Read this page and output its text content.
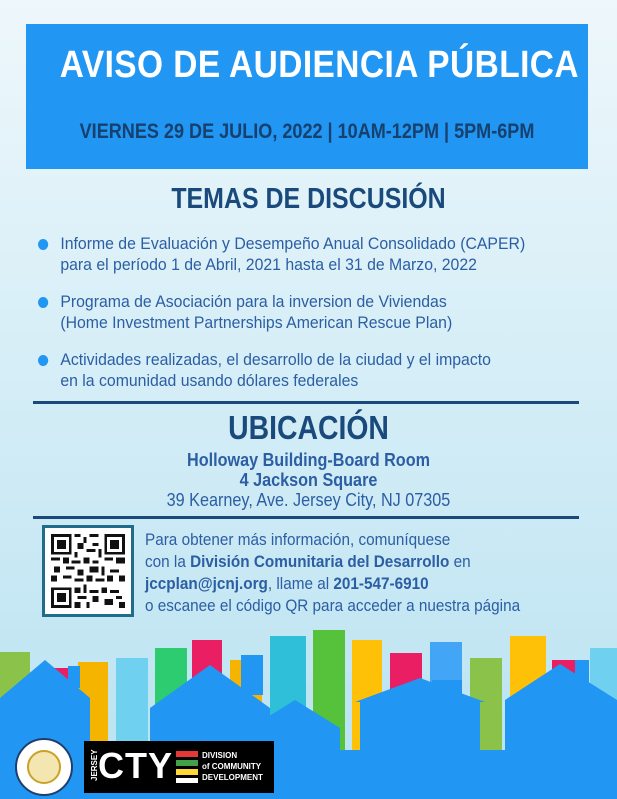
AVISO DE AUDIENCIA PÚBLICA
VIERNES 29 DE JULIO, 2022 | 10AM-12PM | 5PM-6PM
TEMAS DE DISCUSIÓN
Informe de Evaluación y Desempeño Anual Consolidado (CAPER)
para el período 1 de Abril, 2021 hasta el 31 de Marzo, 2022
Programa de Asociación para la inversion de Viviendas
(Home Investment Partnerships American Rescue Plan)
Actividades realizadas, el desarrollo de la ciudad y el impacto
en la comunidad usando dólares federales
UBICACIÓN
Holloway Building-Board Room
4 Jackson Square
39 Kearney, Ave. Jersey City, NJ 07305
Para obtener más información, comuníquese
con la División Comunitaria del Desarrollo en
jccplan@jcnj.org, llame al 201-547-6910
o escanee el código QR para acceder a nuestra página
JERSEY CTY	DIVISION
of COMMUNITY
DEVELOPMENT
